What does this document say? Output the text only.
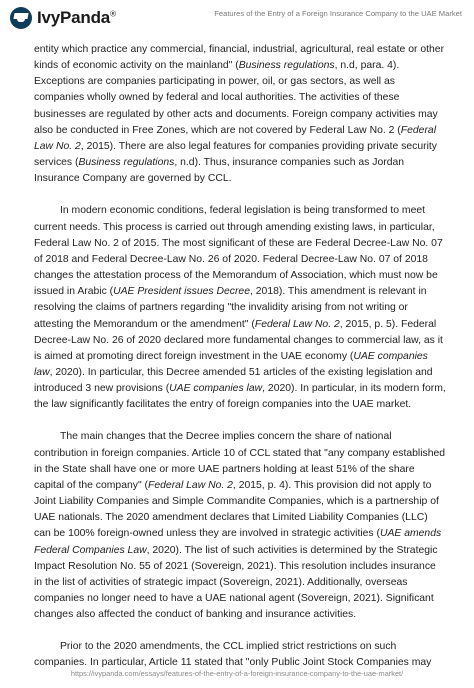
IvyPanda®	Features of the Entry of a Foreign Insurance Company to the UAE Market

entity which practice any commercial, financial, industrial, agricultural, real estate or other kinds of economic activity on the mainland" (Business regulations, n.d, para. 4). Exceptions are companies participating in power, oil, or gas sectors, as well as companies wholly owned by federal and local authorities. The activities of these businesses are regulated by other acts and documents. Foreign company activities may also be conducted in Free Zones, which are not covered by Federal Law No. 2 (Federal Law No. 2, 2015). There are also legal features for companies providing private security services (Business regulations, n.d). Thus, insurance companies such as Jordan Insurance Company are governed by CCL.

In modern economic conditions, federal legislation is being transformed to meet current needs. This process is carried out through amending existing laws, in particular, Federal Law No. 2 of 2015. The most significant of these are Federal Decree-Law No. 07 of 2018 and Federal Decree-Law No. 26 of 2020. Federal Decree-Law No. 07 of 2018 changes the attestation process of the Memorandum of Association, which must now be issued in Arabic (UAE President issues Decree, 2018). This amendment is relevant in resolving the claims of partners regarding "the invalidity arising from not writing or attesting the Memorandum or the amendment" (Federal Law No. 2, 2015, p. 5). Federal Decree-Law No. 26 of 2020 declared more fundamental changes to commercial law, as it is aimed at promoting direct foreign investment in the UAE economy (UAE companies law, 2020). In particular, this Decree amended 51 articles of the existing legislation and introduced 3 new provisions (UAE companies law, 2020). In particular, in its modern form, the law significantly facilitates the entry of foreign companies into the UAE market.

The main changes that the Decree implies concern the share of national contribution in foreign companies. Article 10 of CCL stated that "any company established in the State shall have one or more UAE partners holding at least 51% of the share capital of the company" (Federal Law No. 2, 2015, p. 4). This provision did not apply to Joint Liability Companies and Simple Commandite Companies, which is a partnership of UAE nationals. The 2020 amendment declares that Limited Liability Companies (LLC) can be 100% foreign-owned unless they are involved in strategic activities (UAE amends Federal Companies Law, 2020). The list of such activities is determined by the Strategic Impact Resolution No. 55 of 2021 (Sovereign, 2021). This resolution includes insurance in the list of activities of strategic impact (Sovereign, 2021). Additionally, overseas companies no longer need to have a UAE national agent (Sovereign, 2021). Significant changes also affected the conduct of banking and insurance activities.

Prior to the 2020 amendments, the CCL implied strict restrictions on such companies. In particular, Article 11 stated that "only Public Joint Stock Companies may

https://ivypanda.com/essays/features-of-the-entry-of-a-foreign-insurance-company-to-the-uae-market/
